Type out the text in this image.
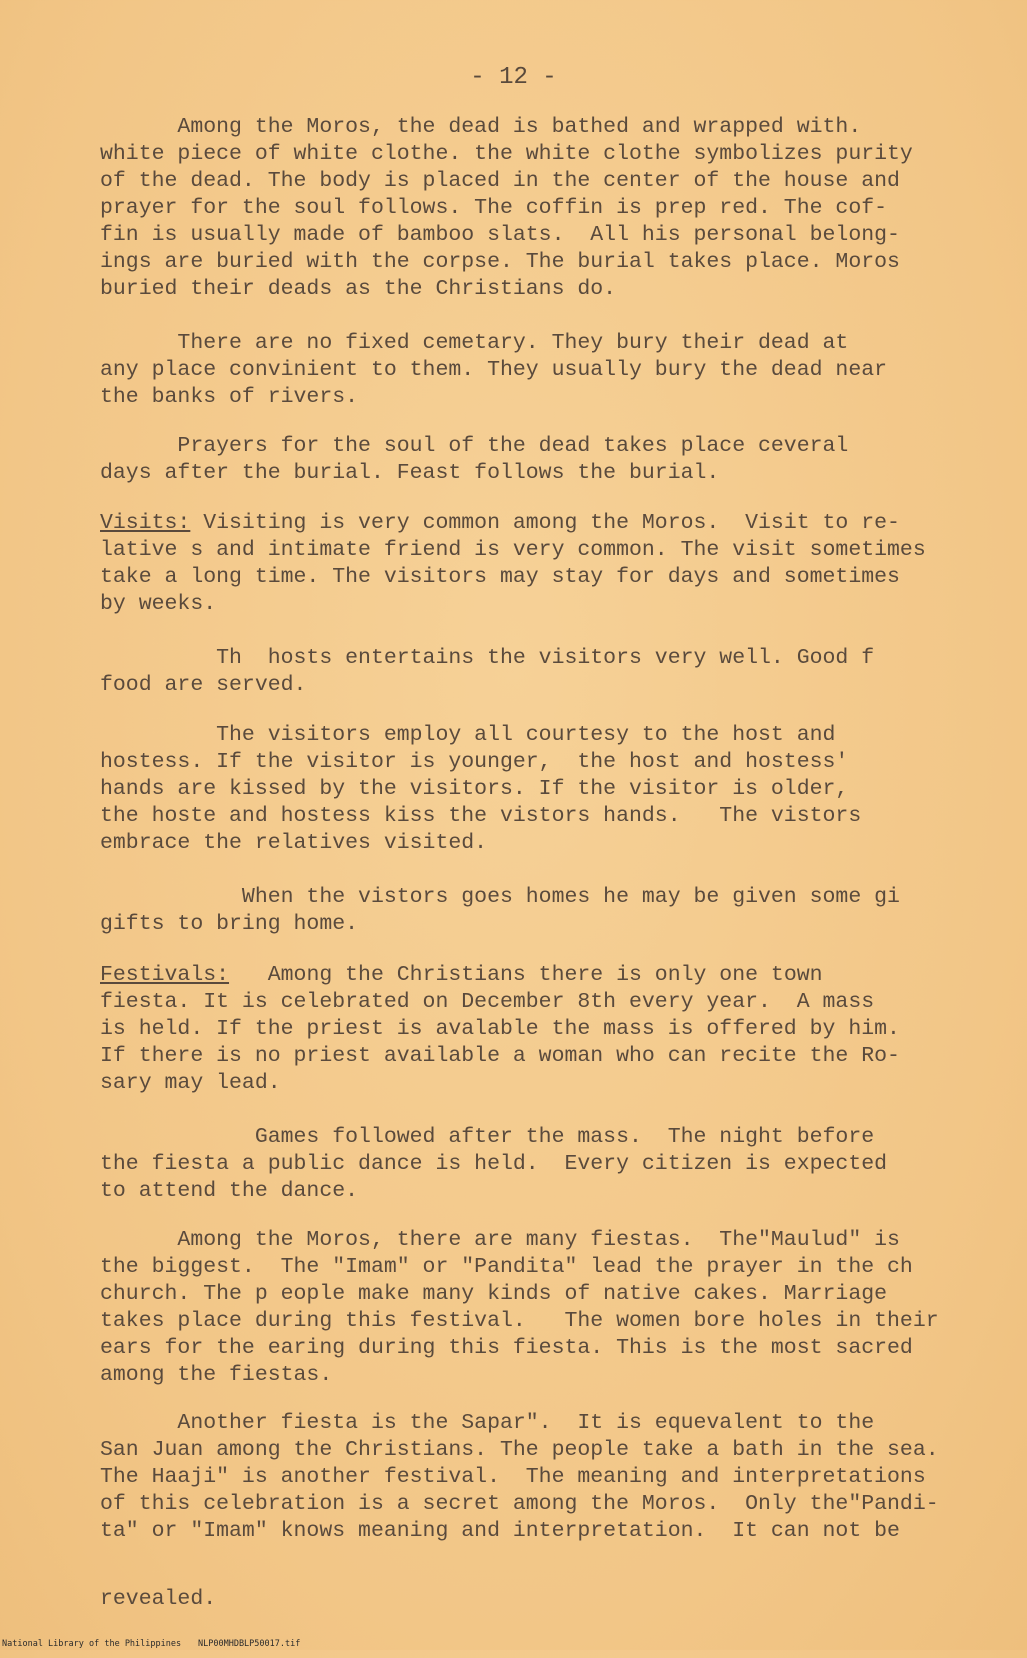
- 12 -
Among the Moros, the dead is bathed and wrapped with.
white piece of white clothe. the white clothe symbolizes purity
of the dead. The body is placed in the center of the house and
prayer for the soul follows. The coffin is prep red. The cof-
fin is usually made of bamboo slats.  All his personal belong-
ings are buried with the corpse. The burial takes place. Moros
buried their deads as the Christians do.
There are no fixed cemetary. They bury their dead at
any place convinient to them. They usually bury the dead near
the banks of rivers.
Prayers for the soul of the dead takes place ceveral
days after the burial. Feast follows the burial.
Visits: Visiting is very common among the Moros.  Visit to re-
lative s and intimate friend is very common. The visit sometimes
take a long time. The visitors may stay for days and sometimes
by weeks.
Th  hosts entertains the visitors very well. Good f
food are served.
The visitors employ all courtesy to the host and
hostess. If the visitor is younger,  the host and hostess'
hands are kissed by the visitors. If the visitor is older,
the hoste and hostess kiss the vistors hands.   The vistors
embrace the relatives visited.
When the vistors goes homes he may be given some gi
gifts to bring home.
Festivals:   Among the Christians there is only one town
fiesta. It is celebrated on December 8th every year.  A mass
is held. If the priest is avalable the mass is offered by him.
If there is no priest available a woman who can recite the Ro-
sary may lead.
Games followed after the mass.  The night before
the fiesta a public dance is held.  Every citizen is expected
to attend the dance.
Among the Moros, there are many fiestas.  The"Maulud" is
the biggest.  The "Imam" or "Pandita" lead the prayer in the ch
church. The p eople make many kinds of native cakes. Marriage
takes place during this festival.   The women bore holes in their
ears for the earing during this fiesta. This is the most sacred
among the fiestas.
Another fiesta is the Sapar".  It is equevalent to the
San Juan among the Christians. The people take a bath in the sea.
The Haaji" is another festival.  The meaning and interpretations
of this celebration is a secret among the Moros.  Only the"Pandi-
ta" or "Imam" knows meaning and interpretation.  It can not be
revealed.
National Library of the Philippines NLP00MHDBLP50017.tif
